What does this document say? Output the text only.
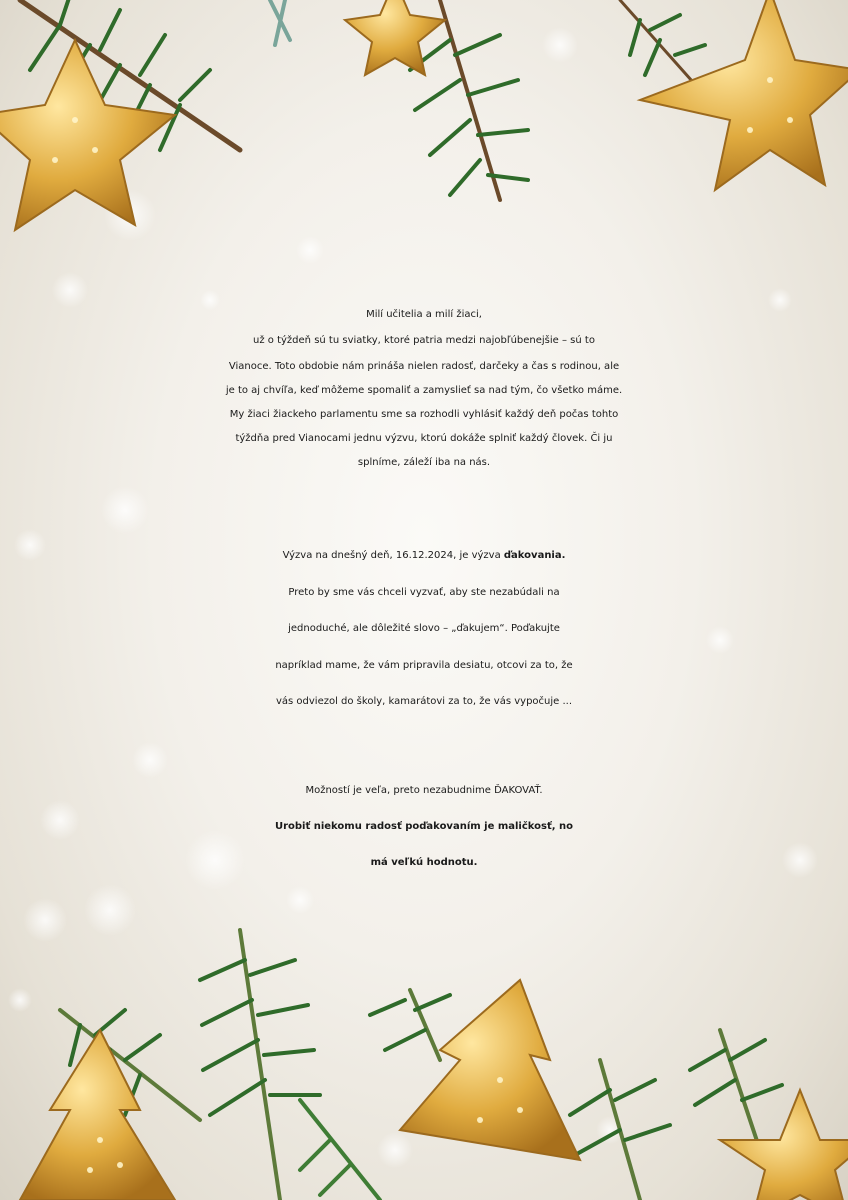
Milí učitelia a milí žiaci,
už o týždeň sú tu sviatky, ktoré patria medzi najobľúbenejšie – sú to
Vianoce. Toto obdobie nám prináša nielen radosť, darčeky a čas s rodinou, ale
je to aj chvíľa, keď môžeme spomaliť a zamyslieť sa nad tým, čo všetko máme.
My žiaci žiackeho parlamentu sme sa rozhodli vyhlásiť každý deň počas tohto
týždňa pred Vianocami jednu výzvu, ktorú dokáže splniť každý človek. Či ju
splníme, záleží iba na nás.
Výzva na dnešný deň, 16.12.2024, je výzva ďakovania.
Preto by sme vás chceli vyzvať, aby ste nezabúdali na
jednoduché, ale dôležité slovo – „ďakujem“. Poďakujte
napríklad mame, že vám pripravila desiatu, otcovi za to, že
vás odviezol do školy, kamarátovi za to, že vás vypočuje ...
Možností je veľa, preto nezabudnime ĎAKOVAŤ.
Urobiť niekomu radosť poďakovaním je maličkosť, no
má veľkú hodnotu.
